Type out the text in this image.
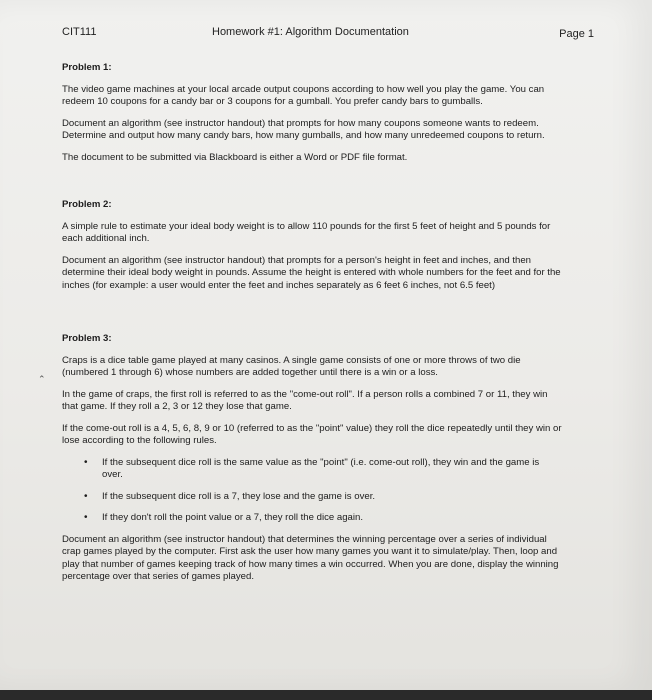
CIT111	Homework #1: Algorithm Documentation	Page 1
Problem 1:

The video game machines at your local arcade output coupons according to how well you play the game. You can redeem 10 coupons for a candy bar or 3 coupons for a gumball. You prefer candy bars to gumballs.

Document an algorithm (see instructor handout) that prompts for how many coupons someone wants to redeem. Determine and output how many candy bars, how many gumballs, and how many unredeemed coupons to return.

The document to be submitted via Blackboard is either a Word or PDF file format.

Problem 2:

A simple rule to estimate your ideal body weight is to allow 110 pounds for the first 5 feet of height and 5 pounds for each additional inch.

Document an algorithm (see instructor handout) that prompts for a person's height in feet and inches, and then determine their ideal body weight in pounds. Assume the height is entered with whole numbers for the feet and for the inches (for example: a user would enter the feet and inches separately as 6 feet 6 inches, not 6.5 feet)

Problem 3:

Craps is a dice table game played at many casinos. A single game consists of one or more throws of two die (numbered 1 through 6) whose numbers are added together until there is a win or a loss.

In the game of craps, the first roll is referred to as the "come-out roll". If a person rolls a combined 7 or 11, they win that game. If they roll a 2, 3 or 12 they lose that game.

If the come-out roll is a 4, 5, 6, 8, 9 or 10 (referred to as the "point" value) they roll the dice repeatedly until they win or lose according to the following rules.

• If the subsequent dice roll is the same value as the "point" (i.e. come-out roll), they win and the game is over.
• If the subsequent dice roll is a 7, they lose and the game is over.
• If they don't roll the point value or a 7, they roll the dice again.

Document an algorithm (see instructor handout) that determines the winning percentage over a series of individual crap games played by the computer. First ask the user how many games you want it to simulate/play. Then, loop and play that number of games keeping track of how many times a win occurred. When you are done, display the winning percentage over that series of games played.

⌃
